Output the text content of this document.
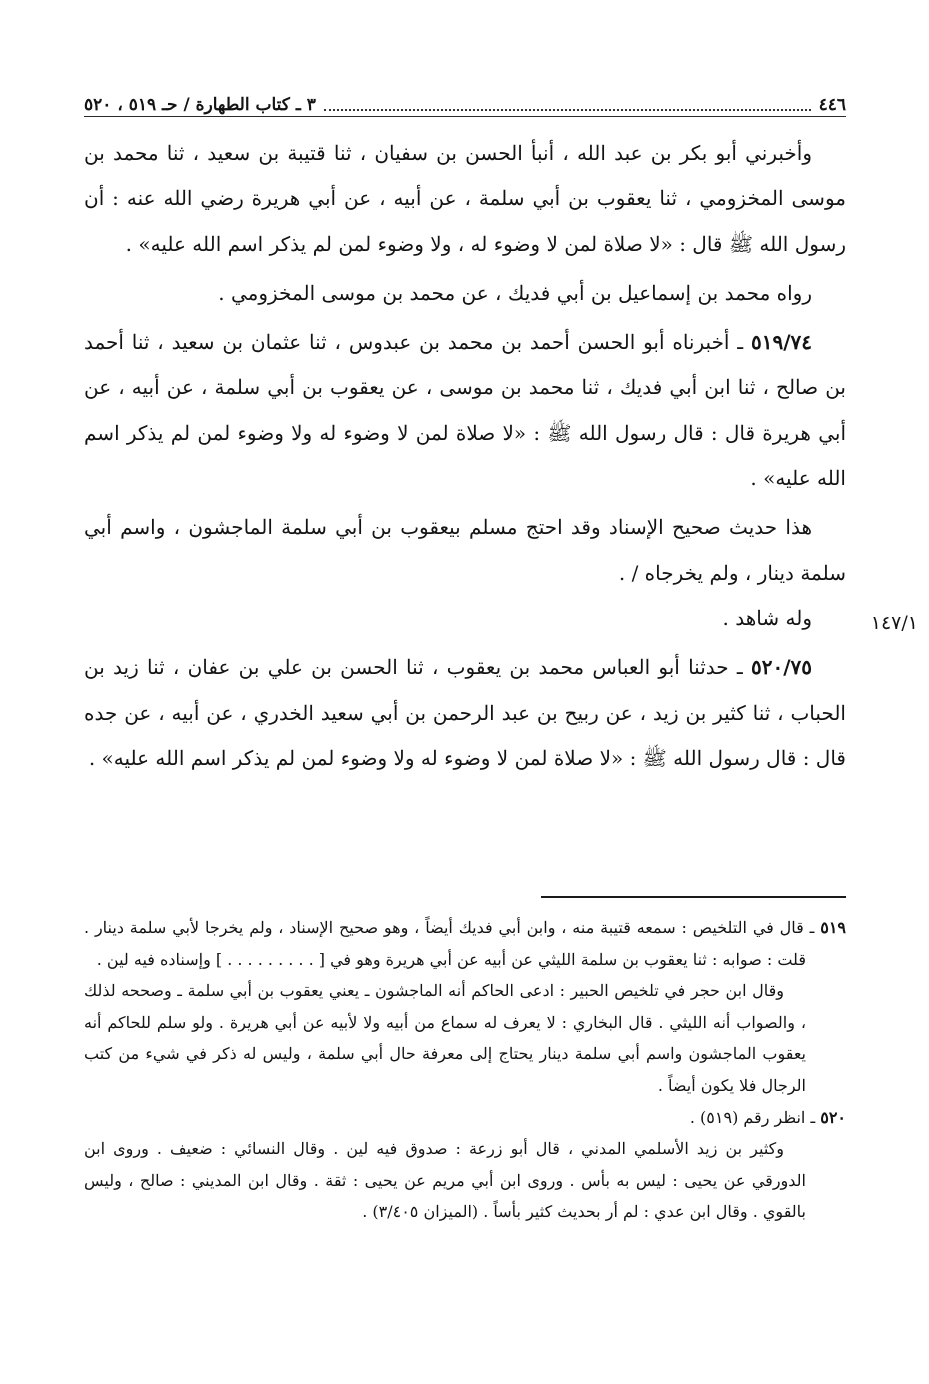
٤٤٦
٣ ـ كتاب الطهارة / حـ ٥١٩ ، ٥٢٠

وأخبرني أبو بكر بن عبد الله ، أنبأ الحسن بن سفيان ، ثنا قتيبة بن سعيد ، ثنا محمد بن موسى المخزومي ، ثنا يعقوب بن أبي سلمة ، عن أبيه ، عن أبي هريرة رضي الله عنه : أن رسول الله ﷺ قال : «لا صلاة لمن لا وضوء له ، ولا وضوء لمن لم يذكر اسم الله عليه» .

رواه محمد بن إسماعيل بن أبي فديك ، عن محمد بن موسى المخزومي .

٥١٩/٧٤ ـ أخبرناه أبو الحسن أحمد بن محمد بن عبدوس ، ثنا عثمان بن سعيد ، ثنا أحمد بن صالح ، ثنا ابن أبي فديك ، ثنا محمد بن موسى ، عن يعقوب بن أبي سلمة ، عن أبيه ، عن أبي هريرة قال : قال رسول الله ﷺ : «لا صلاة لمن لا وضوء له ولا وضوء لمن لم يذكر اسم الله عليه» .

هذا حديث صحيح الإسناد وقد احتج مسلم بيعقوب بن أبي سلمة الماجشون ، واسم أبي سلمة دينار ، ولم يخرجاه / .

وله شاهد .

٥٢٠/٧٥ ـ حدثنا أبو العباس محمد بن يعقوب ، ثنا الحسن بن علي بن عفان ، ثنا زيد بن الحباب ، ثنا كثير بن زيد ، عن ربيح بن عبد الرحمن بن أبي سعيد الخدري ، عن أبيه ، عن جده قال : قال رسول الله ﷺ : «لا صلاة لمن لا وضوء له ولا وضوء لمن لم يذكر اسم الله عليه» .

١٤٧/١

٥١٩ ـ قال في التلخيص : سمعه قتيبة منه ، وابن أبي فديك أيضاً ، وهو صحيح الإسناد ، ولم يخرجا لأبي سلمة دينار . قلت : صوابه : ثنا يعقوب بن سلمة الليثي عن أبيه عن أبي هريرة وهو في [ . . . . . . . . . ] وإسناده فيه لين .

وقال ابن حجر في تلخيص الحبير : ادعى الحاكم أنه الماجشون ـ يعني يعقوب بن أبي سلمة ـ وصححه لذلك ، والصواب أنه الليثي . قال البخاري : لا يعرف له سماع من أبيه ولا لأبيه عن أبي هريرة . ولو سلم للحاكم أنه يعقوب الماجشون واسم أبي سلمة دينار يحتاج إلى معرفة حال أبي سلمة ، وليس له ذكر في شيء من كتب الرجال فلا يكون أيضاً .

٥٢٠ ـ انظر رقم (٥١٩) .

وكثير بن زيد الأسلمي المدني ، قال أبو زرعة : صدوق فيه لين . وقال النسائي : ضعيف . وروى ابن الدورقي عن يحيى : ليس به بأس . وروى ابن أبي مريم عن يحيى : ثقة . وقال ابن المديني : صالح ، وليس بالقوي . وقال ابن عدي : لم أر بحديث كثير بأساً . (الميزان ٣/٤٠٥) .
